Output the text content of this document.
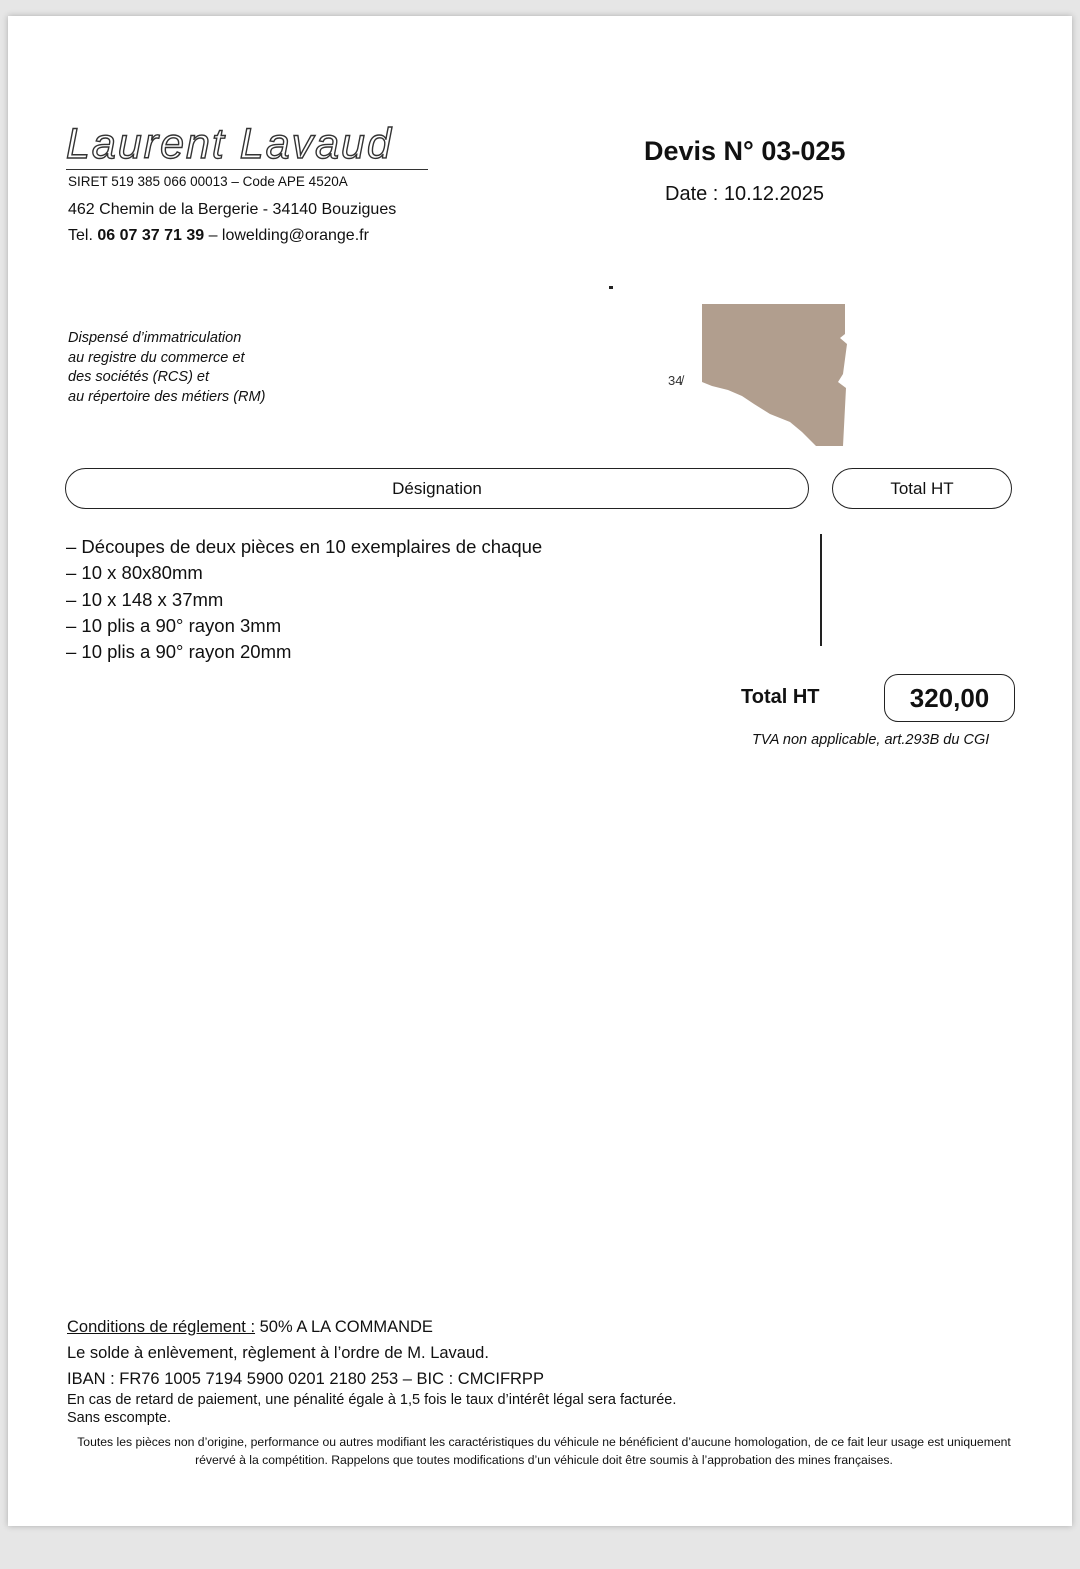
Laurent Lavaud
SIRET 519 385 066 00013 – Code APE 4520A
462 Chemin de la Bergerie - 34140 Bouzigues
Tel. 06 07 37 71 39 – lowelding@orange.fr
Devis N° 03-025
Date : 10.12.2025
Dispensé d’immatriculation
au registre du commerce et
des sociétés (RCS) et
au répertoire des métiers (RM)
34̸
Désignation	Total HT
– Découpes de deux pièces en 10 exemplaires de chaque
– 10 x 80x80mm
– 10 x 148 x 37mm
– 10 plis a 90° rayon 3mm
– 10 plis a 90° rayon 20mm
Total HT	320,00
TVA non applicable, art.293B du CGI
Conditions de réglement : 50% A LA COMMANDE
Le solde à enlèvement, règlement à l’ordre de M. Lavaud.
IBAN : FR76 1005 7194 5900 0201 2180 253 – BIC : CMCIFRPP
En cas de retard de paiement, une pénalité égale à 1,5 fois le taux d’intérêt légal sera facturée.
Sans escompte.
Toutes les pièces non d’origine, performance ou autres modifiant les caractéristiques du véhicule ne bénéficient d’aucune homologation, de ce fait leur usage est uniquement révervé à la compétition. Rappelons que toutes modifications d’un véhicule doit être soumis à l’approbation des mines françaises.
